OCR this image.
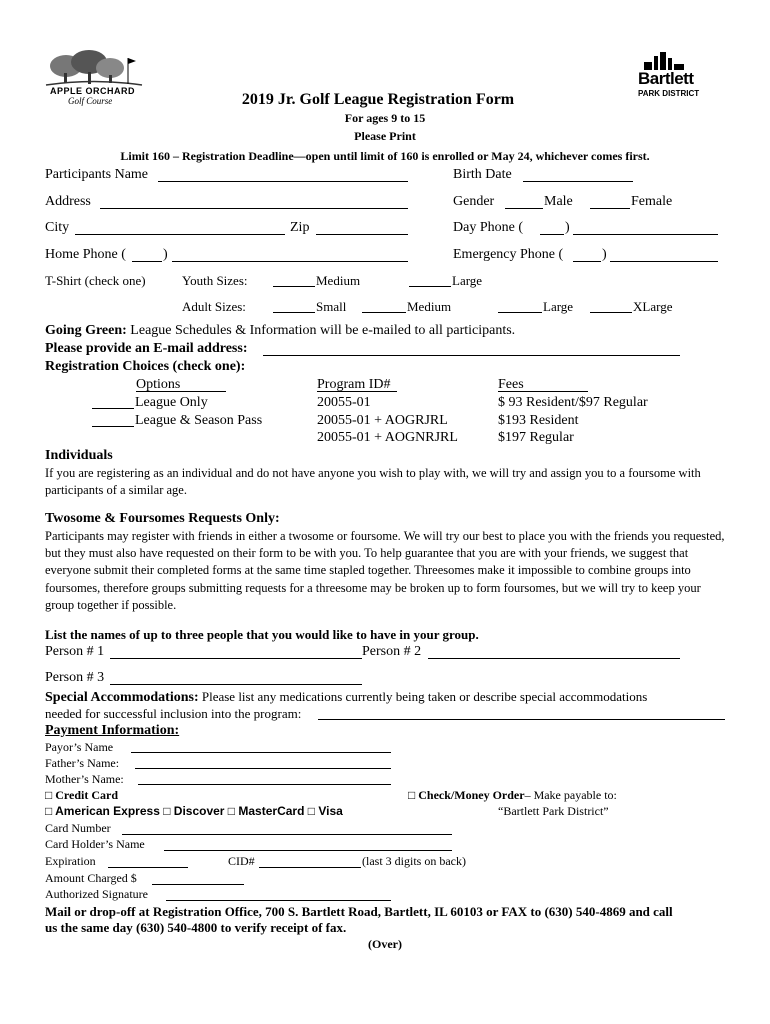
APPLE ORCHARD
Golf Course
Bartlett
PARK DISTRICT
2019 Jr. Golf League Registration Form
For ages 9 to 15
Please Print
Limit 160 – Registration Deadline—open until limit of 160 is enrolled or May 24, whichever comes first.
Participants Name	Birth Date
Address	Gender	Male	Female
City	Zip	Day Phone (	)
Home Phone (	)	Emergency Phone (	)
T-Shirt (check one)	Youth Sizes:	Medium	Large
Adult Sizes:	Small	Medium	Large	XLarge
Going Green: League Schedules & Information will be e-mailed to all participants.
Please provide an E-mail address:
Registration Choices (check one):
Options	Program ID#	Fees
League Only	20055-01	$ 93 Resident/$97 Regular
League & Season Pass	20055-01 + AOGRJRL	$193 Resident
20055-01 + AOGNRJRL	$197 Regular
Individuals
If you are registering as an individual and do not have anyone you wish to play with, we will try and assign you to a foursome with participants of a similar age.
Twosome & Foursomes Requests Only:
Participants may register with friends in either a twosome or foursome. We will try our best to place you with the friends you requested, but they must also have requested on their form to be with you. To help guarantee that you are with your friends, we suggest that everyone submit their completed forms at the same time stapled together. Threesomes make it impossible to combine groups into foursomes, therefore groups submitting requests for a threesome may be broken up to form foursomes, but we will try to keep your group together if possible.
List the names of up to three people that you would like to have in your group.
Person # 1	Person # 2
Person # 3
Special Accommodations: Please list any medications currently being taken or describe special accommodations
needed for successful inclusion into the program:
Payment Information:
Payor’s Name
Father’s Name:
Mother’s Name:
□ Credit Card	□ Check/Money Order– Make payable to:
□ American Express □ Discover □ MasterCard □ Visa	“Bartlett Park District”
Card Number
Card Holder’s Name
Expiration	CID#	(last 3 digits on back)
Amount Charged $
Authorized Signature
Mail or drop-off at Registration Office, 700 S. Bartlett Road, Bartlett, IL 60103 or FAX to (630) 540-4869 and call
us the same day (630) 540-4800 to verify receipt of fax.
(Over)
